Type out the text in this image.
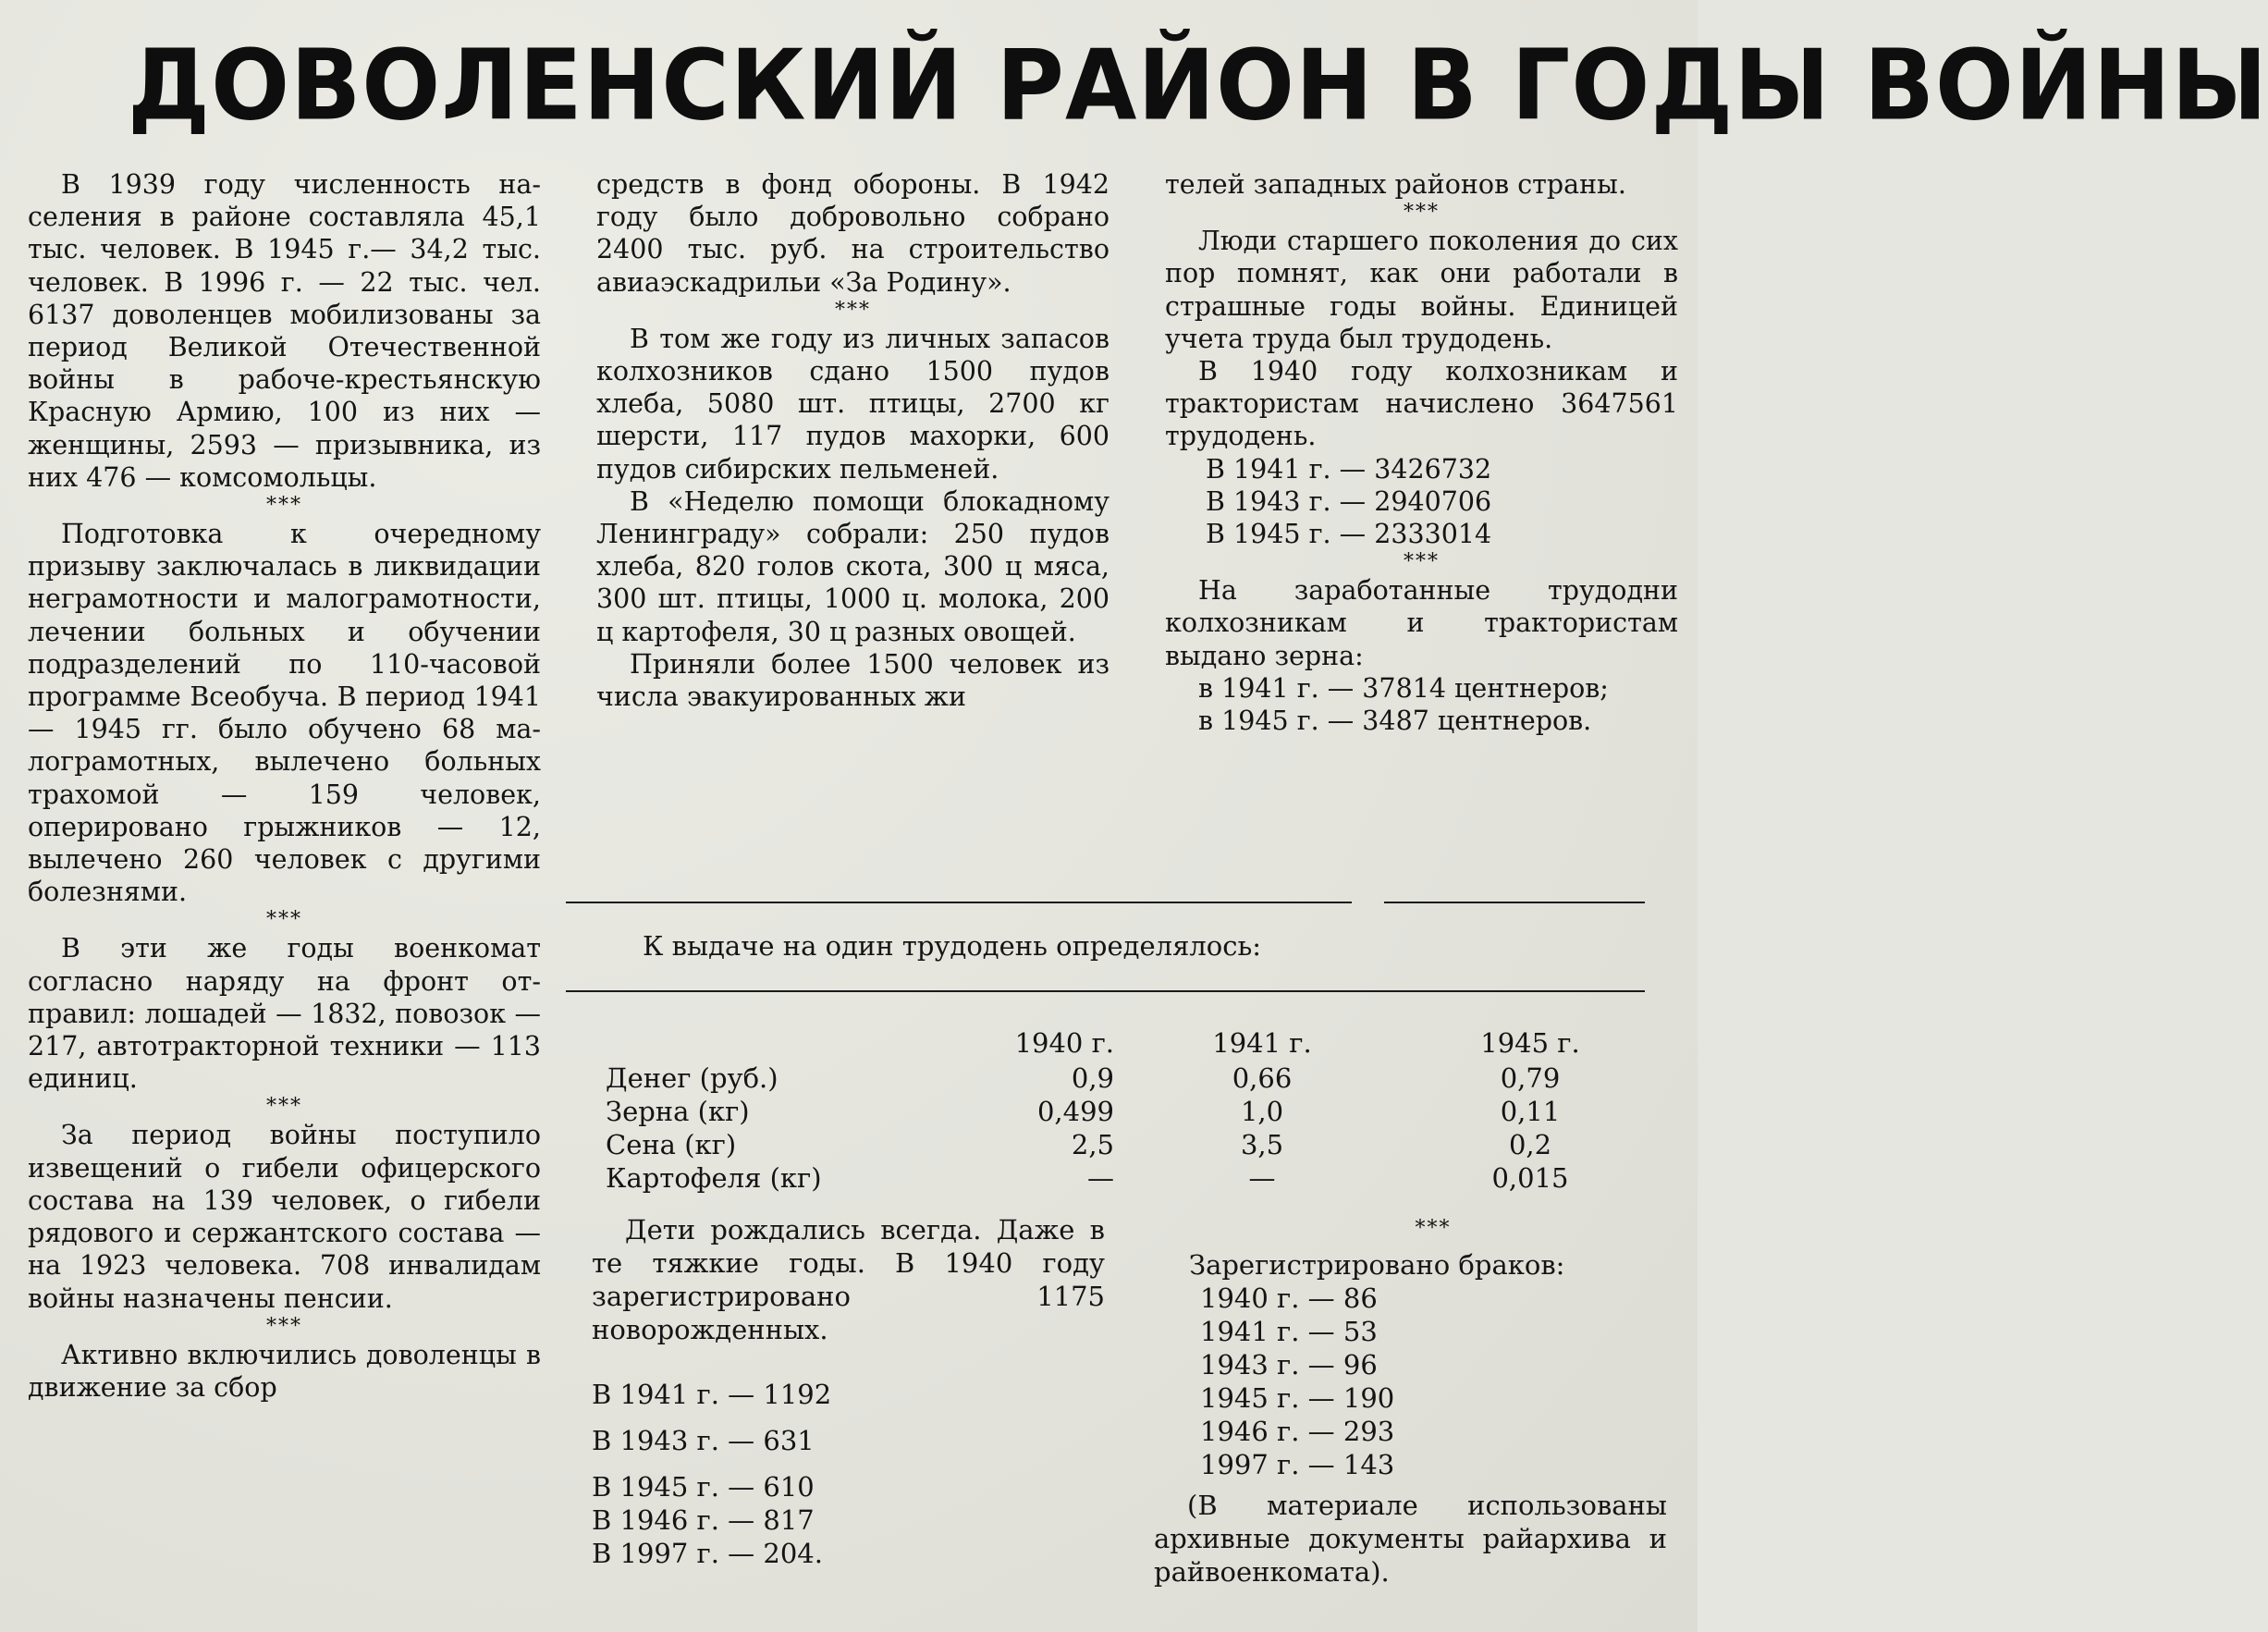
ДОВОЛЕНСКИЙ РАЙОН В ГОДЫ ВОЙНЫ

В 1939 году численность населения в районе составляла 45,1 тыс. человек. В 1945 г.— 34,2 тыс. человек. В 1996 г. — 22 тыс. чел. 6137 доволенцев мобилизованы за период Великой Отечественной войны в рабоче-крестьянскую Красную Армию, 100 из них — женщины, 2593 — призывника, из них 476 — комсомольцы.

***

Подготовка к очередному призыву заключалась в ликвидации неграмотности и малограмотности, лечении больных и обучении подразделений по 110-часовой программе Всеобуча. В период 1941 — 1945 гг. было обучено 68 малограмотных, вылечено больных трахомой — 159 человек, оперировано грыжников — 12, вылечено 260 человек с другими болезнями.

***

В эти же годы военкомат согласно наряду на фронт отправил: лошадей — 1832, повозок — 217, автотракторной техники — 113 единиц.

***

За период войны поступило извещений о гибели офицерского состава на 139 человек, о гибели рядового и сержантского состава — на 1923 человека. 708 инвалидам войны назначены пенсии.

***

Активно включились доволенцы в движение за сбор

средств в фонд обороны. В 1942 году было добровольно собрано 2400 тыс. руб. на строительство авиаэскадрильи «За Родину».

***

В том же году из личных запасов колхозников сдано 1500 пудов хлеба, 5080 шт. птицы, 2700 кг шерсти, 117 пудов махорки, 600 пудов сибирских пельменей.

В «Неделю помощи блокадному Ленинграду» собрали: 250 пудов хлеба, 820 голов скота, 300 ц мяса, 300 шт. птицы, 1000 ц. молока, 200 ц картофеля, 30 ц разных овощей.

Приняли более 1500 человек из числа эвакуированных жи

телей западных районов страны.

***

Люди старшего поколения до сих пор помнят, как они работали в страшные годы войны. Единицей учета труда был трудодень.

В 1940 году колхозникам и трактористам начислено 3647561 трудодень.

В 1941 г. — 3426732
В 1943 г. — 2940706
В 1945 г. — 2333014
***

На заработанные трудодни колхозникам и трактористам выдано зерна:

в 1941 г. — 37814 центнеров;

в 1945 г. — 3487 центнеров.

К выдаче на один трудодень определялось:
	1940 г.	1941 г.	1945 г.
Денег (руб.)	0,9	0,66	0,79
Зерна (кг)	0,499	1,0	0,11
Сена (кг)	2,5	3,5	0,2
Картофеля (кг)	—	—	0,015

Дети рождались всегда. Даже в те тяжкие годы. В 1940 году зарегистрировано 1175 новорожденных.

В 1941 г. — 1192
В 1943 г. — 631
В 1945 г. — 610
В 1946 г. — 817
В 1997 г. — 204.
***
Зарегистрировано браков:
1940 г. — 86
1941 г. — 53
1943 г. — 96
1945 г. — 190
1946 г. — 293
1997 г. — 143

(В материале использованы архивные документы райархива и райвоенкомата).
